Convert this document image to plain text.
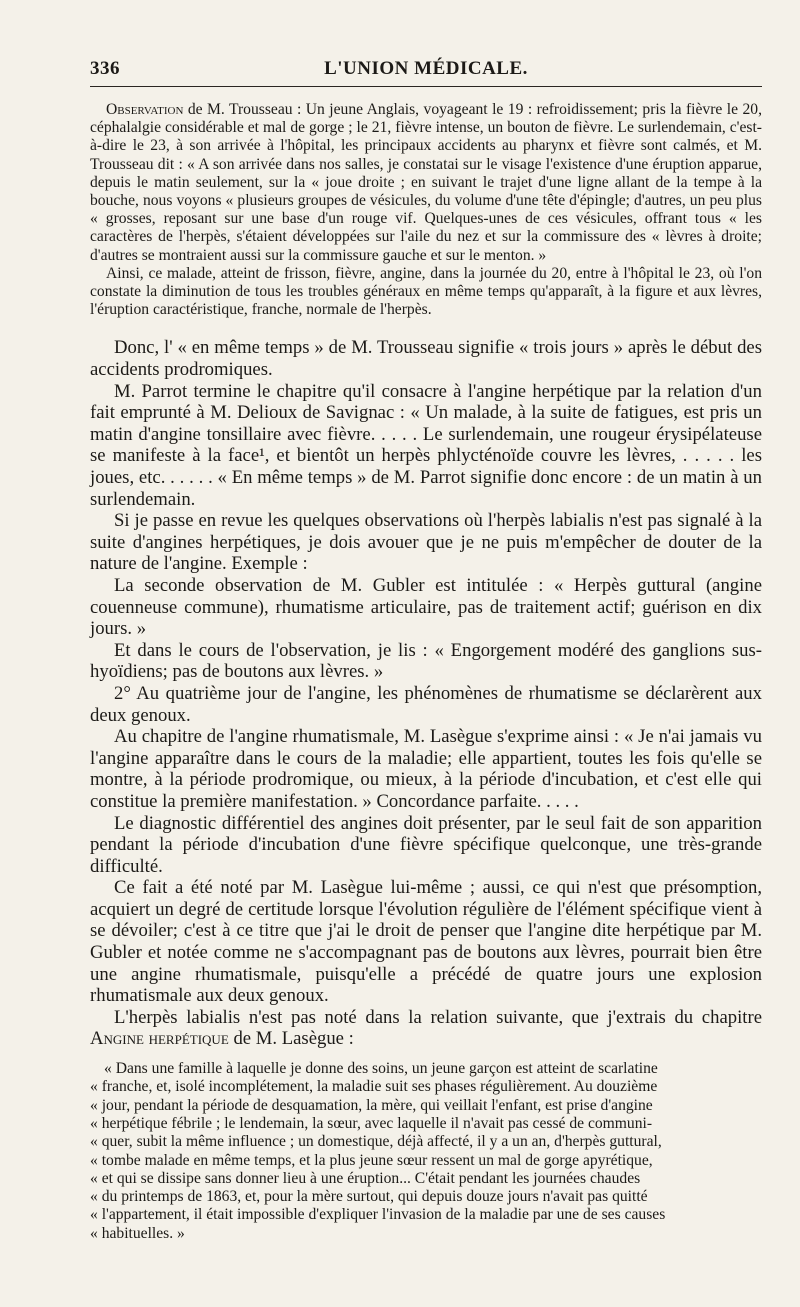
336	L'UNION MÉDICALE.

Observation de M. Trousseau : Un jeune Anglais, voyageant le 19 : refroidissement; pris la fièvre le 20, céphalalgie considérable et mal de gorge ; le 21, fièvre intense, un bouton de fièvre. Le surlendemain, c'est-à-dire le 23, à son arrivée à l'hôpital, les principaux accidents au pharynx et fièvre sont calmés, et M. Trousseau dit : « A son arrivée dans nos salles, je constatai sur le visage l'existence d'une éruption apparue, depuis le matin seulement, sur la « joue droite ; en suivant le trajet d'une ligne allant de la tempe à la bouche, nous voyons « plusieurs groupes de vésicules, du volume d'une tête d'épingle; d'autres, un peu plus « grosses, reposant sur une base d'un rouge vif. Quelques-unes de ces vésicules, offrant tous « les caractères de l'herpès, s'étaient développées sur l'aile du nez et sur la commissure des « lèvres à droite; d'autres se montraient aussi sur la commissure gauche et sur le menton. »

Ainsi, ce malade, atteint de frisson, fièvre, angine, dans la journée du 20, entre à l'hôpital le 23, où l'on constate la diminution de tous les troubles généraux en même temps qu'apparaît, à la figure et aux lèvres, l'éruption caractéristique, franche, normale de l'herpès.

Donc, l' « en même temps » de M. Trousseau signifie « trois jours » après le début des accidents prodromiques.

M. Parrot termine le chapitre qu'il consacre à l'angine herpétique par la relation d'un fait emprunté à M. Delioux de Savignac : « Un malade, à la suite de fatigues, est pris un matin d'angine tonsillaire avec fièvre. . . . . Le surlendemain, une rougeur érysipélateuse se manifeste à la face¹, et bientôt un herpès phlycténoïde couvre les lèvres, . . . . . les joues, etc. . . . . . « En même temps » de M. Parrot signifie donc encore : de un matin à un surlendemain.

Si je passe en revue les quelques observations où l'herpès labialis n'est pas signalé à la suite d'angines herpétiques, je dois avouer que je ne puis m'empêcher de douter de la nature de l'angine. Exemple :

La seconde observation de M. Gubler est intitulée : « Herpès guttural (angine couenneuse commune), rhumatisme articulaire, pas de traitement actif; guérison en dix jours. »

Et dans le cours de l'observation, je lis : « Engorgement modéré des ganglions sus-hyoïdiens; pas de boutons aux lèvres. »

2° Au quatrième jour de l'angine, les phénomènes de rhumatisme se déclarèrent aux deux genoux.

Au chapitre de l'angine rhumatismale, M. Lasègue s'exprime ainsi : « Je n'ai jamais vu l'angine apparaître dans le cours de la maladie; elle appartient, toutes les fois qu'elle se montre, à la période prodromique, ou mieux, à la période d'incubation, et c'est elle qui constitue la première manifestation. » Concordance parfaite. . . . .

Le diagnostic différentiel des angines doit présenter, par le seul fait de son apparition pendant la période d'incubation d'une fièvre spécifique quelconque, une très-grande difficulté.

Ce fait a été noté par M. Lasègue lui-même ; aussi, ce qui n'est que présomption, acquiert un degré de certitude lorsque l'évolution régulière de l'élément spécifique vient à se dévoiler; c'est à ce titre que j'ai le droit de penser que l'angine dite herpétique par M. Gubler et notée comme ne s'accompagnant pas de boutons aux lèvres, pourrait bien être une angine rhumatismale, puisqu'elle a précédé de quatre jours une explosion rhumatismale aux deux genoux.

L'herpès labialis n'est pas noté dans la relation suivante, que j'extrais du chapitre Angine herpétique de M. Lasègue :

« Dans une famille à laquelle je donne des soins, un jeune garçon est atteint de scarlatine
« franche, et, isolé incomplétement, la maladie suit ses phases régulièrement. Au douzième
« jour, pendant la période de desquamation, la mère, qui veillait l'enfant, est prise d'angine
« herpétique fébrile ; le lendemain, la sœur, avec laquelle il n'avait pas cessé de communi-
« quer, subit la même influence ; un domestique, déjà affecté, il y a un an, d'herpès guttural,
« tombe malade en même temps, et la plus jeune sœur ressent un mal de gorge apyrétique,
« et qui se dissipe sans donner lieu à une éruption... C'était pendant les journées chaudes
« du printemps de 1863, et, pour la mère surtout, qui depuis douze jours n'avait pas quitté
« l'appartement, il était impossible d'expliquer l'invasion de la maladie par une de ses causes
« habituelles. »
